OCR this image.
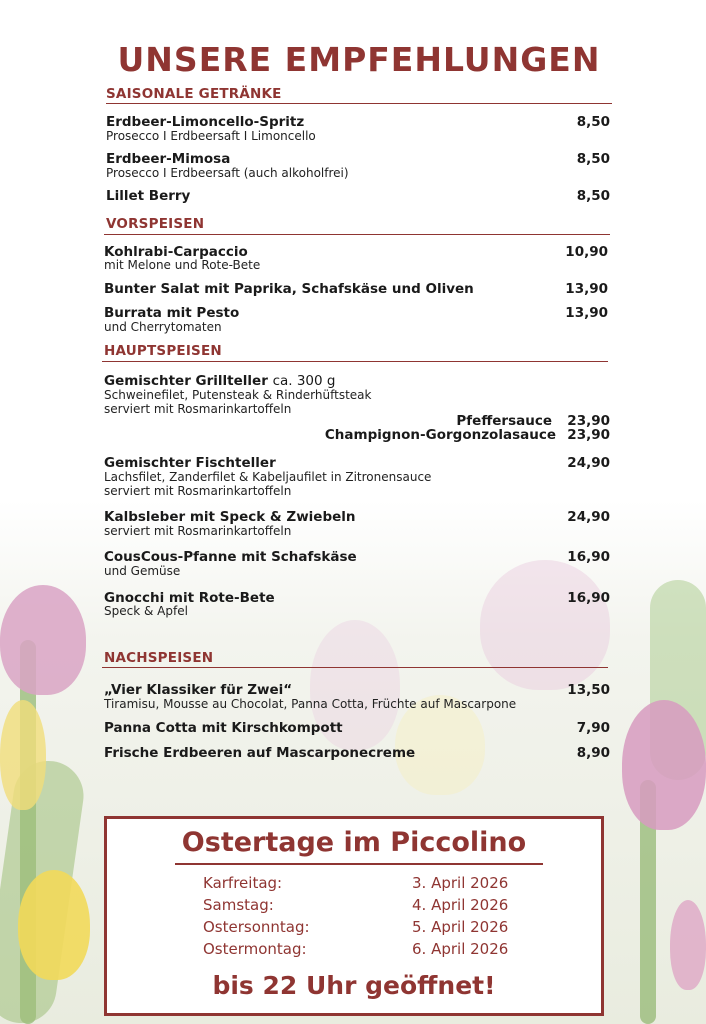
UNSERE EMPFEHLUNGEN
SAISONALE GETRÄNKE
Erdbeer-Limoncello-Spritz
Prosecco I Erdbeersaft I Limoncello
8,50
Erdbeer-Mimosa
Prosecco I Erdbeersaft (auch alkoholfrei)
8,50
Lillet Berry	8,50
VORSPEISEN
Kohlrabi-Carpaccio
mit Melone und Rote-Bete
10,90
Bunter Salat mit Paprika, Schafskäse und Oliven	13,90
Burrata mit Pesto
und Cherrytomaten
13,90
HAUPTSPEISEN
Gemischter Grillteller ca. 300 g
Schweinefilet, Putensteak & Rinderhüftsteak
serviert mit Rosmarinkartoffeln
Pfeffersauce 23,90
Champignon-Gorgonzolasauce 23,90
Gemischter Fischteller
Lachsfilet, Zanderfilet & Kabeljaufilet in Zitronensauce
serviert mit Rosmarinkartoffeln
24,90
Kalbsleber mit Speck & Zwiebeln
serviert mit Rosmarinkartoffeln
24,90
CousCous-Pfanne mit Schafskäse
und Gemüse
16,90
Gnocchi mit Rote-Bete
Speck & Apfel
16,90
NACHSPEISEN
„Vier Klassiker für Zwei“
Tiramisu, Mousse au Chocolat, Panna Cotta, Früchte auf Mascarpone
13,50
Panna Cotta mit Kirschkompott	7,90
Frische Erdbeeren auf Mascarponecreme	8,90
Ostertage im Piccolino
Karfreitag:	3. April 2026
Samstag:	4. April 2026
Ostersonntag:	5. April 2026
Ostermontag:	6. April 2026
bis 22 Uhr geöffnet!
